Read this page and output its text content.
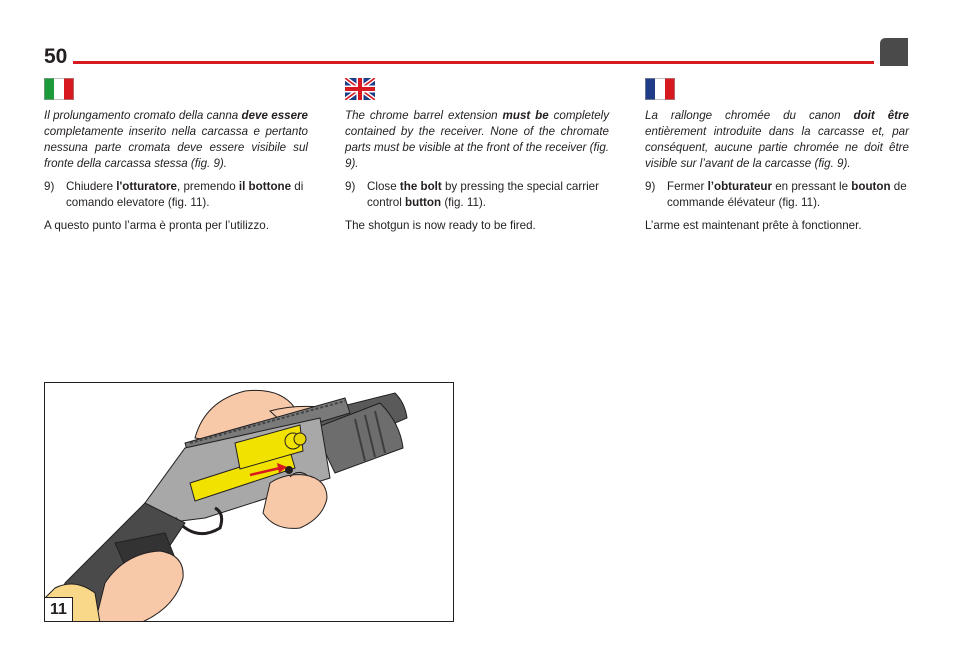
50

Il prolungamento cromato della canna deve essere completamente inserito nella carcassa e pertanto nessuna parte cromata deve essere visibile sul fronte della carcassa stessa (fig. 9).

9)	Chiudere l'otturatore, premendo il bottone di comando elevatore (fig. 11).

A questo punto l’arma è pronta per l’utilizzo.

The chrome barrel extension must be completely contained by the receiver. None of the chromate parts must be visible at the front of the receiver (fig. 9).

9)	Close the bolt by pressing the special carrier control button (fig. 11).

The shotgun is now ready to be fired.

La rallonge chromée du canon doit être entièrement introduite dans la carcasse et, par conséquent, aucune partie chromée ne doit être visible sur l’avant de la carcasse (fig. 9).

9)	Fermer l’obturateur en pressant le bouton de commande élévateur (fig. 11).

L’arme est maintenant prête à fonctionner.

11
